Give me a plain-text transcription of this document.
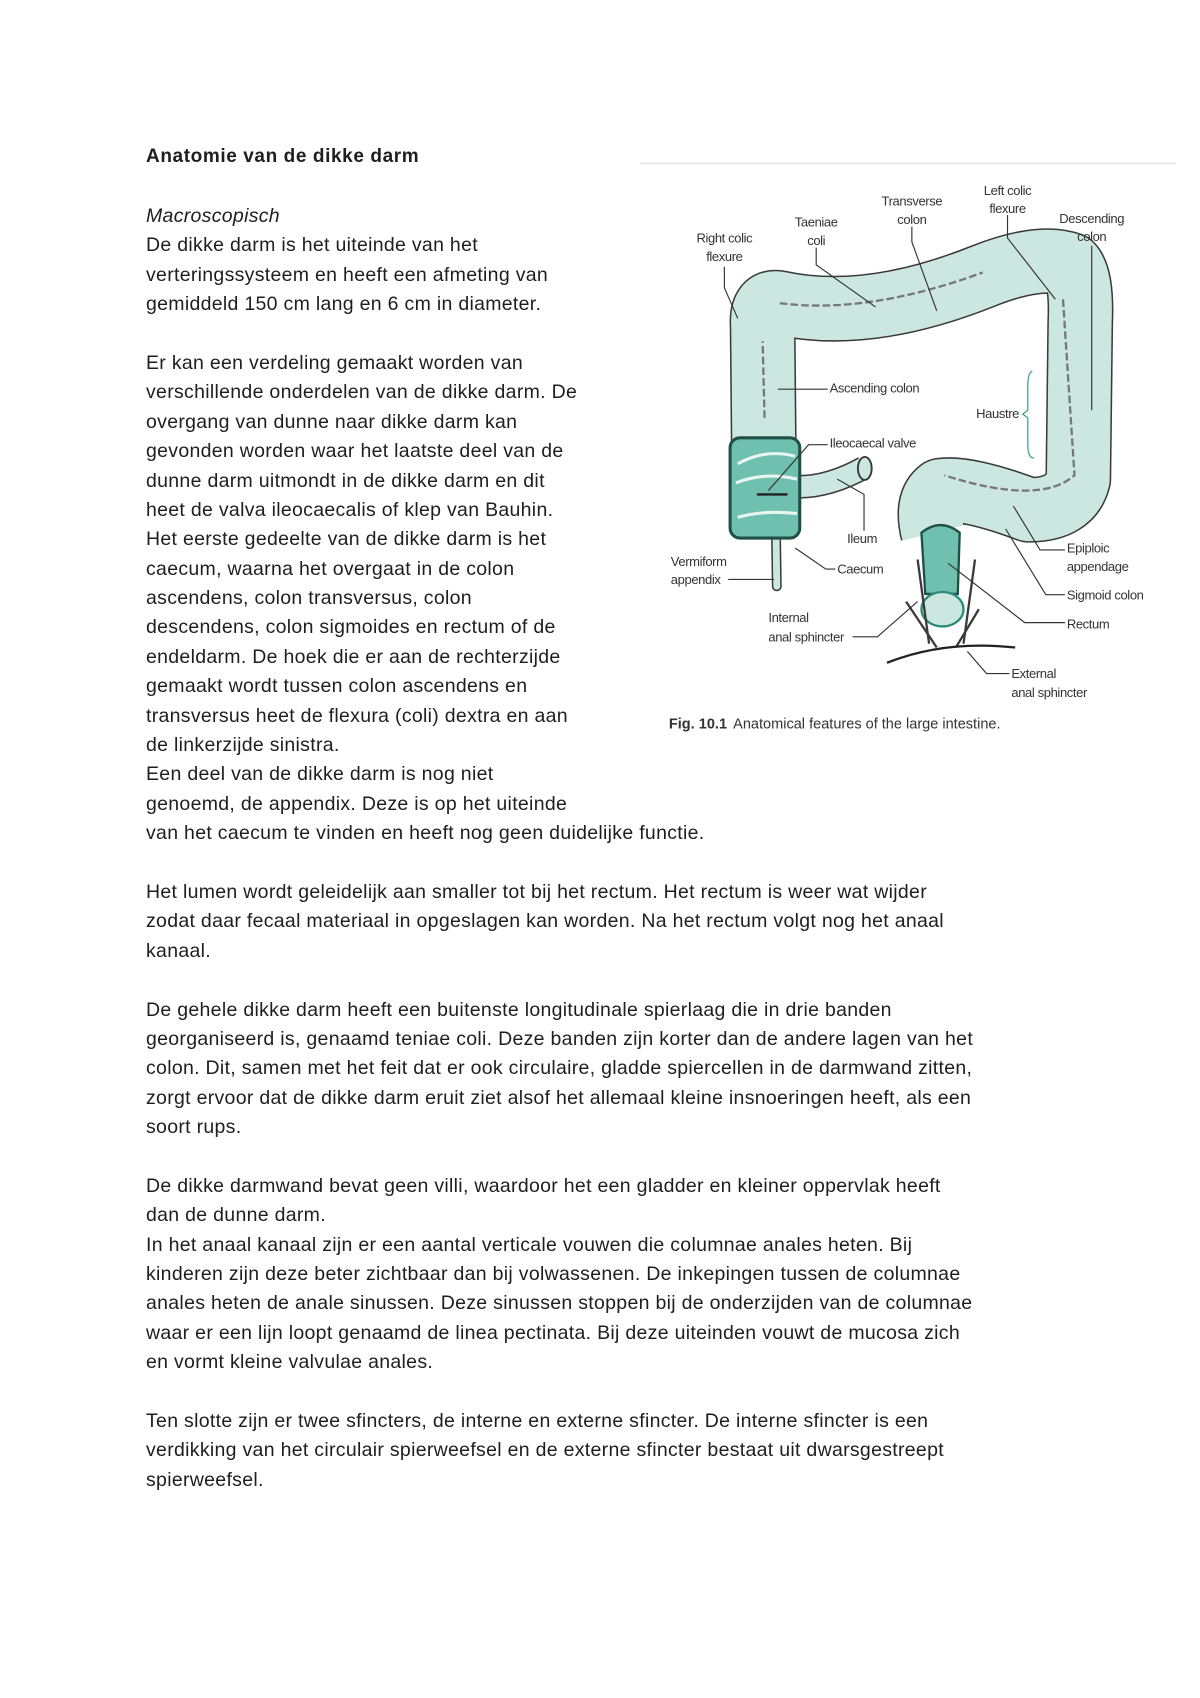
Anatomie van de dikke darm
Macroscopisch
De dikke darm is het uiteinde van het
verteringssysteem en heeft een afmeting van
gemiddeld 150 cm lang en 6 cm in diameter.
Er kan een verdeling gemaakt worden van
verschillende onderdelen van de dikke darm. De
overgang van dunne naar dikke darm kan
gevonden worden waar het laatste deel van de
dunne darm uitmondt in de dikke darm en dit
heet de valva ileocaecalis of klep van Bauhin.
Het eerste gedeelte van de dikke darm is het
caecum, waarna het overgaat in de colon
ascendens, colon transversus, colon
descendens, colon sigmoides en rectum of de
endeldarm. De hoek die er aan de rechterzijde
gemaakt wordt tussen colon ascendens en
transversus heet de flexura (coli) dextra en aan
de linkerzijde sinistra.
Een deel van de dikke darm is nog niet
genoemd, de appendix. Deze is op het uiteinde
van het caecum te vinden en heeft nog geen duidelijke functie.
Het lumen wordt geleidelijk aan smaller tot bij het rectum. Het rectum is weer wat wijder
zodat daar fecaal materiaal in opgeslagen kan worden. Na het rectum volgt nog het anaal
kanaal.
De gehele dikke darm heeft een buitenste longitudinale spierlaag die in drie banden
georganiseerd is, genaamd teniae coli. Deze banden zijn korter dan de andere lagen van het
colon. Dit, samen met het feit dat er ook circulaire, gladde spiercellen in de darmwand zitten,
zorgt ervoor dat de dikke darm eruit ziet alsof het allemaal kleine insnoeringen heeft, als een
soort rups.
De dikke darmwand bevat geen villi, waardoor het een gladder en kleiner oppervlak heeft
dan de dunne darm.
In het anaal kanaal zijn er een aantal verticale vouwen die columnae anales heten. Bij
kinderen zijn deze beter zichtbaar dan bij volwassenen. De inkepingen tussen de columnae
anales heten de anale sinussen. Deze sinussen stoppen bij de onderzijden van de columnae
waar er een lijn loopt genaamd de linea pectinata. Bij deze uiteinden vouwt de mucosa zich
en vormt kleine valvulae anales.
Ten slotte zijn er twee sfincters, de interne en externe sfincter. De interne sfincter is een
verdikking van het circulair spierweefsel en de externe sfincter bestaat uit dwarsgestreept
spierweefsel.
Right colic
flexure
Taeniae
coli
Transverse
colon
Left colic
flexure
Descending
colon
Ascending colon
Ileocaecal valve
Haustre
Ileum
Caecum
Vermiform
appendix
Internal
anal sphincter
Epiploic
appendage
Sigmoid colon
Rectum
External
anal sphincter
Fig. 10.1 Anatomical features of the large intestine.
